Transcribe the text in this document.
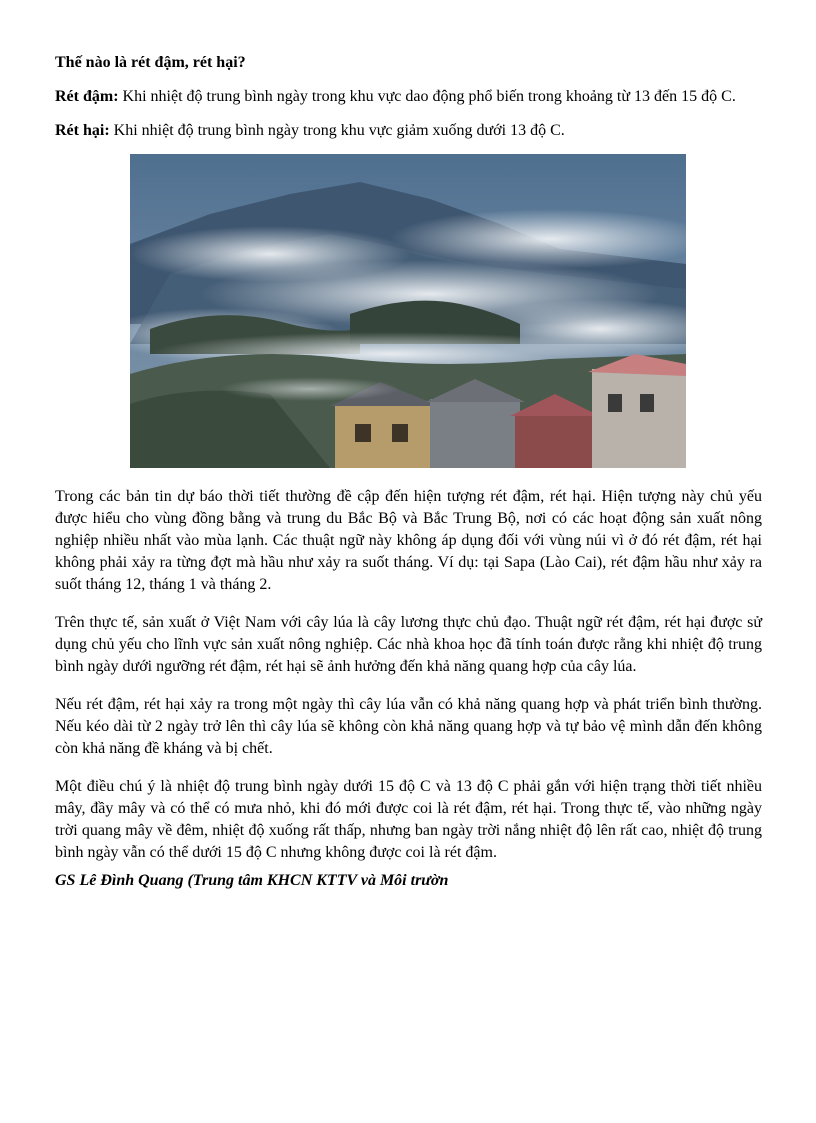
Thế nào là rét đậm, rét hại?

Rét đậm: Khi nhiệt độ trung bình ngày trong khu vực dao động phổ biến trong khoảng từ 13 đến 15 độ C.

Rét hại: Khi nhiệt độ trung bình ngày trong khu vực giảm xuống dưới 13 độ C.

Trong các bản tin dự báo thời tiết thường đề cập đến hiện tượng rét đậm, rét hại. Hiện tượng này chủ yếu được hiểu cho vùng đồng bằng và trung du Bắc Bộ và Bắc Trung Bộ, nơi có các hoạt động sản xuất nông nghiệp nhiều nhất vào mùa lạnh. Các thuật ngữ này không áp dụng đối với vùng núi vì ở đó rét đậm, rét hại không phải xảy ra từng đợt mà hầu như xảy ra suốt tháng. Ví dụ: tại Sapa (Lào Cai), rét đậm hầu như xảy ra suốt tháng 12, tháng 1 và tháng 2.

Trên thực tế, sản xuất ở Việt Nam với cây lúa là cây lương thực chủ đạo. Thuật ngữ rét đậm, rét hại được sử dụng chủ yếu cho lĩnh vực sản xuất nông nghiệp. Các nhà khoa học đã tính toán được rằng khi nhiệt độ trung bình ngày dưới ngưỡng rét đậm, rét hại sẽ ảnh hưởng đến khả năng quang hợp của cây lúa.

Nếu rét đậm, rét hại xảy ra trong một ngày thì cây lúa vẫn có khả năng quang hợp và phát triển bình thường. Nếu kéo dài từ 2 ngày trở lên thì cây lúa sẽ không còn khả năng quang hợp và tự bảo vệ mình dẫn đến không còn khả năng đề kháng và bị chết.

Một điều chú ý là nhiệt độ trung bình ngày dưới 15 độ C và 13 độ C phải gắn với hiện trạng thời tiết nhiều mây, đầy mây và có thể có mưa nhỏ, khi đó mới được coi là rét đậm, rét hại. Trong thực tế, vào những ngày trời quang mây về đêm, nhiệt độ xuống rất thấp, nhưng ban ngày trời nắng nhiệt độ lên rất cao, nhiệt độ trung bình ngày vẫn có thể dưới 15 độ C nhưng không được coi là rét đậm.

GS Lê Đình Quang (Trung tâm KHCN KTTV và Môi trườn
